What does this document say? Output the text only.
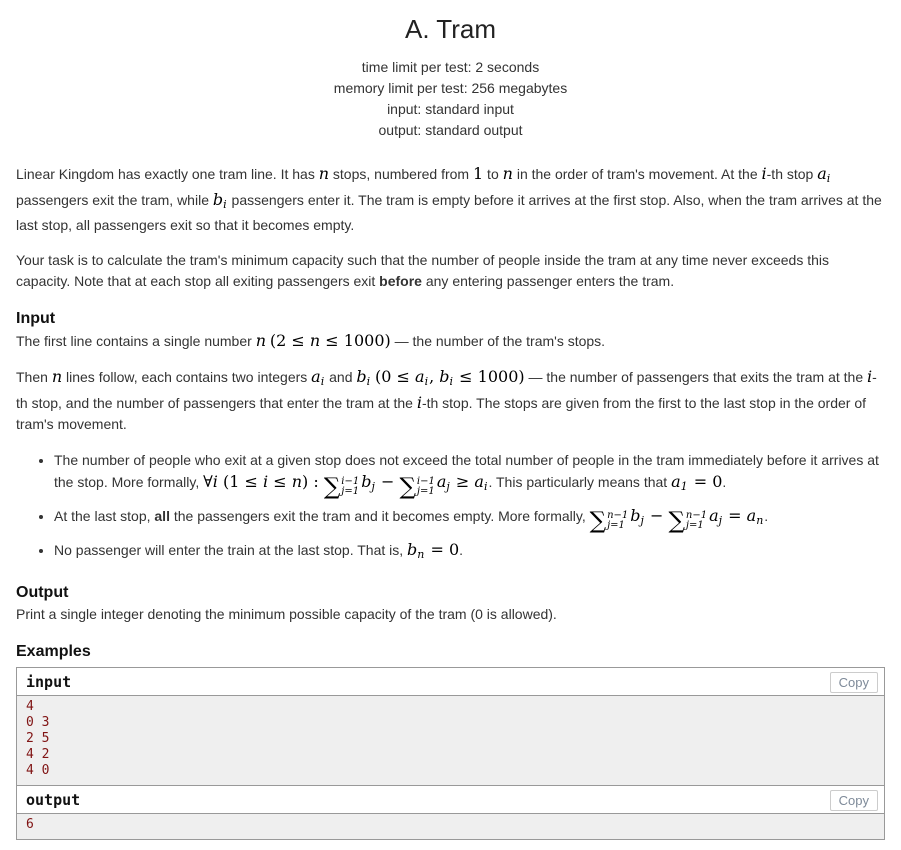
A. Tram
time limit per test: 2 seconds
memory limit per test: 256 megabytes
input: standard input
output: standard output

Linear Kingdom has exactly one tram line. It has n stops, numbered from 1 to n in the order of tram's movement. At the i-th stop $a_i$ passengers exit the tram, while $b_i$ passengers enter it. The tram is empty before it arrives at the first stop. Also, when the tram arrives at the last stop, all passengers exit so that it becomes empty.

Your task is to calculate the tram's minimum capacity such that the number of people inside the tram at any time never exceeds this capacity. Note that at each stop all exiting passengers exit before any entering passenger enters the tram.

Input

The first line contains a single number n (2 ≤ n ≤ 1000) — the number of the tram's stops.

Then n lines follow, each contains two integers $a_i$ and $b_i$ ($0 \le a_i$, $b_i \le 1000$) — the number of passengers that exits the tram at the i-th stop, and the number of passengers that enter the tram at the i-th stop. The stops are given from the first to the last stop in the order of tram's movement.

• The number of people who exit at a given stop does not exceed the total number of people in the tram immediately before it arrives at the stop. More formally, ∀i (1 ≤ i ≤ n) : ∑ i−1
j=1
$b_j$ − ∑ i−1
j=1
$a_j \ge a_i$. This particularly means that $a_1 = 0$.
• At the last stop, all the passengers exit the tram and it becomes empty. More formally, ∑ n−1
j=1
$b_j$ − ∑ n−1
j=1
$a_j = a_n$.
• No passenger will enter the train at the last stop. That is, $b_n = 0$.
Output

Print a single integer denoting the minimum possible capacity of the tram (0 is allowed).

Examples
input	Copy
4
0 3
2 5
4 2
4 0
output	Copy
6
